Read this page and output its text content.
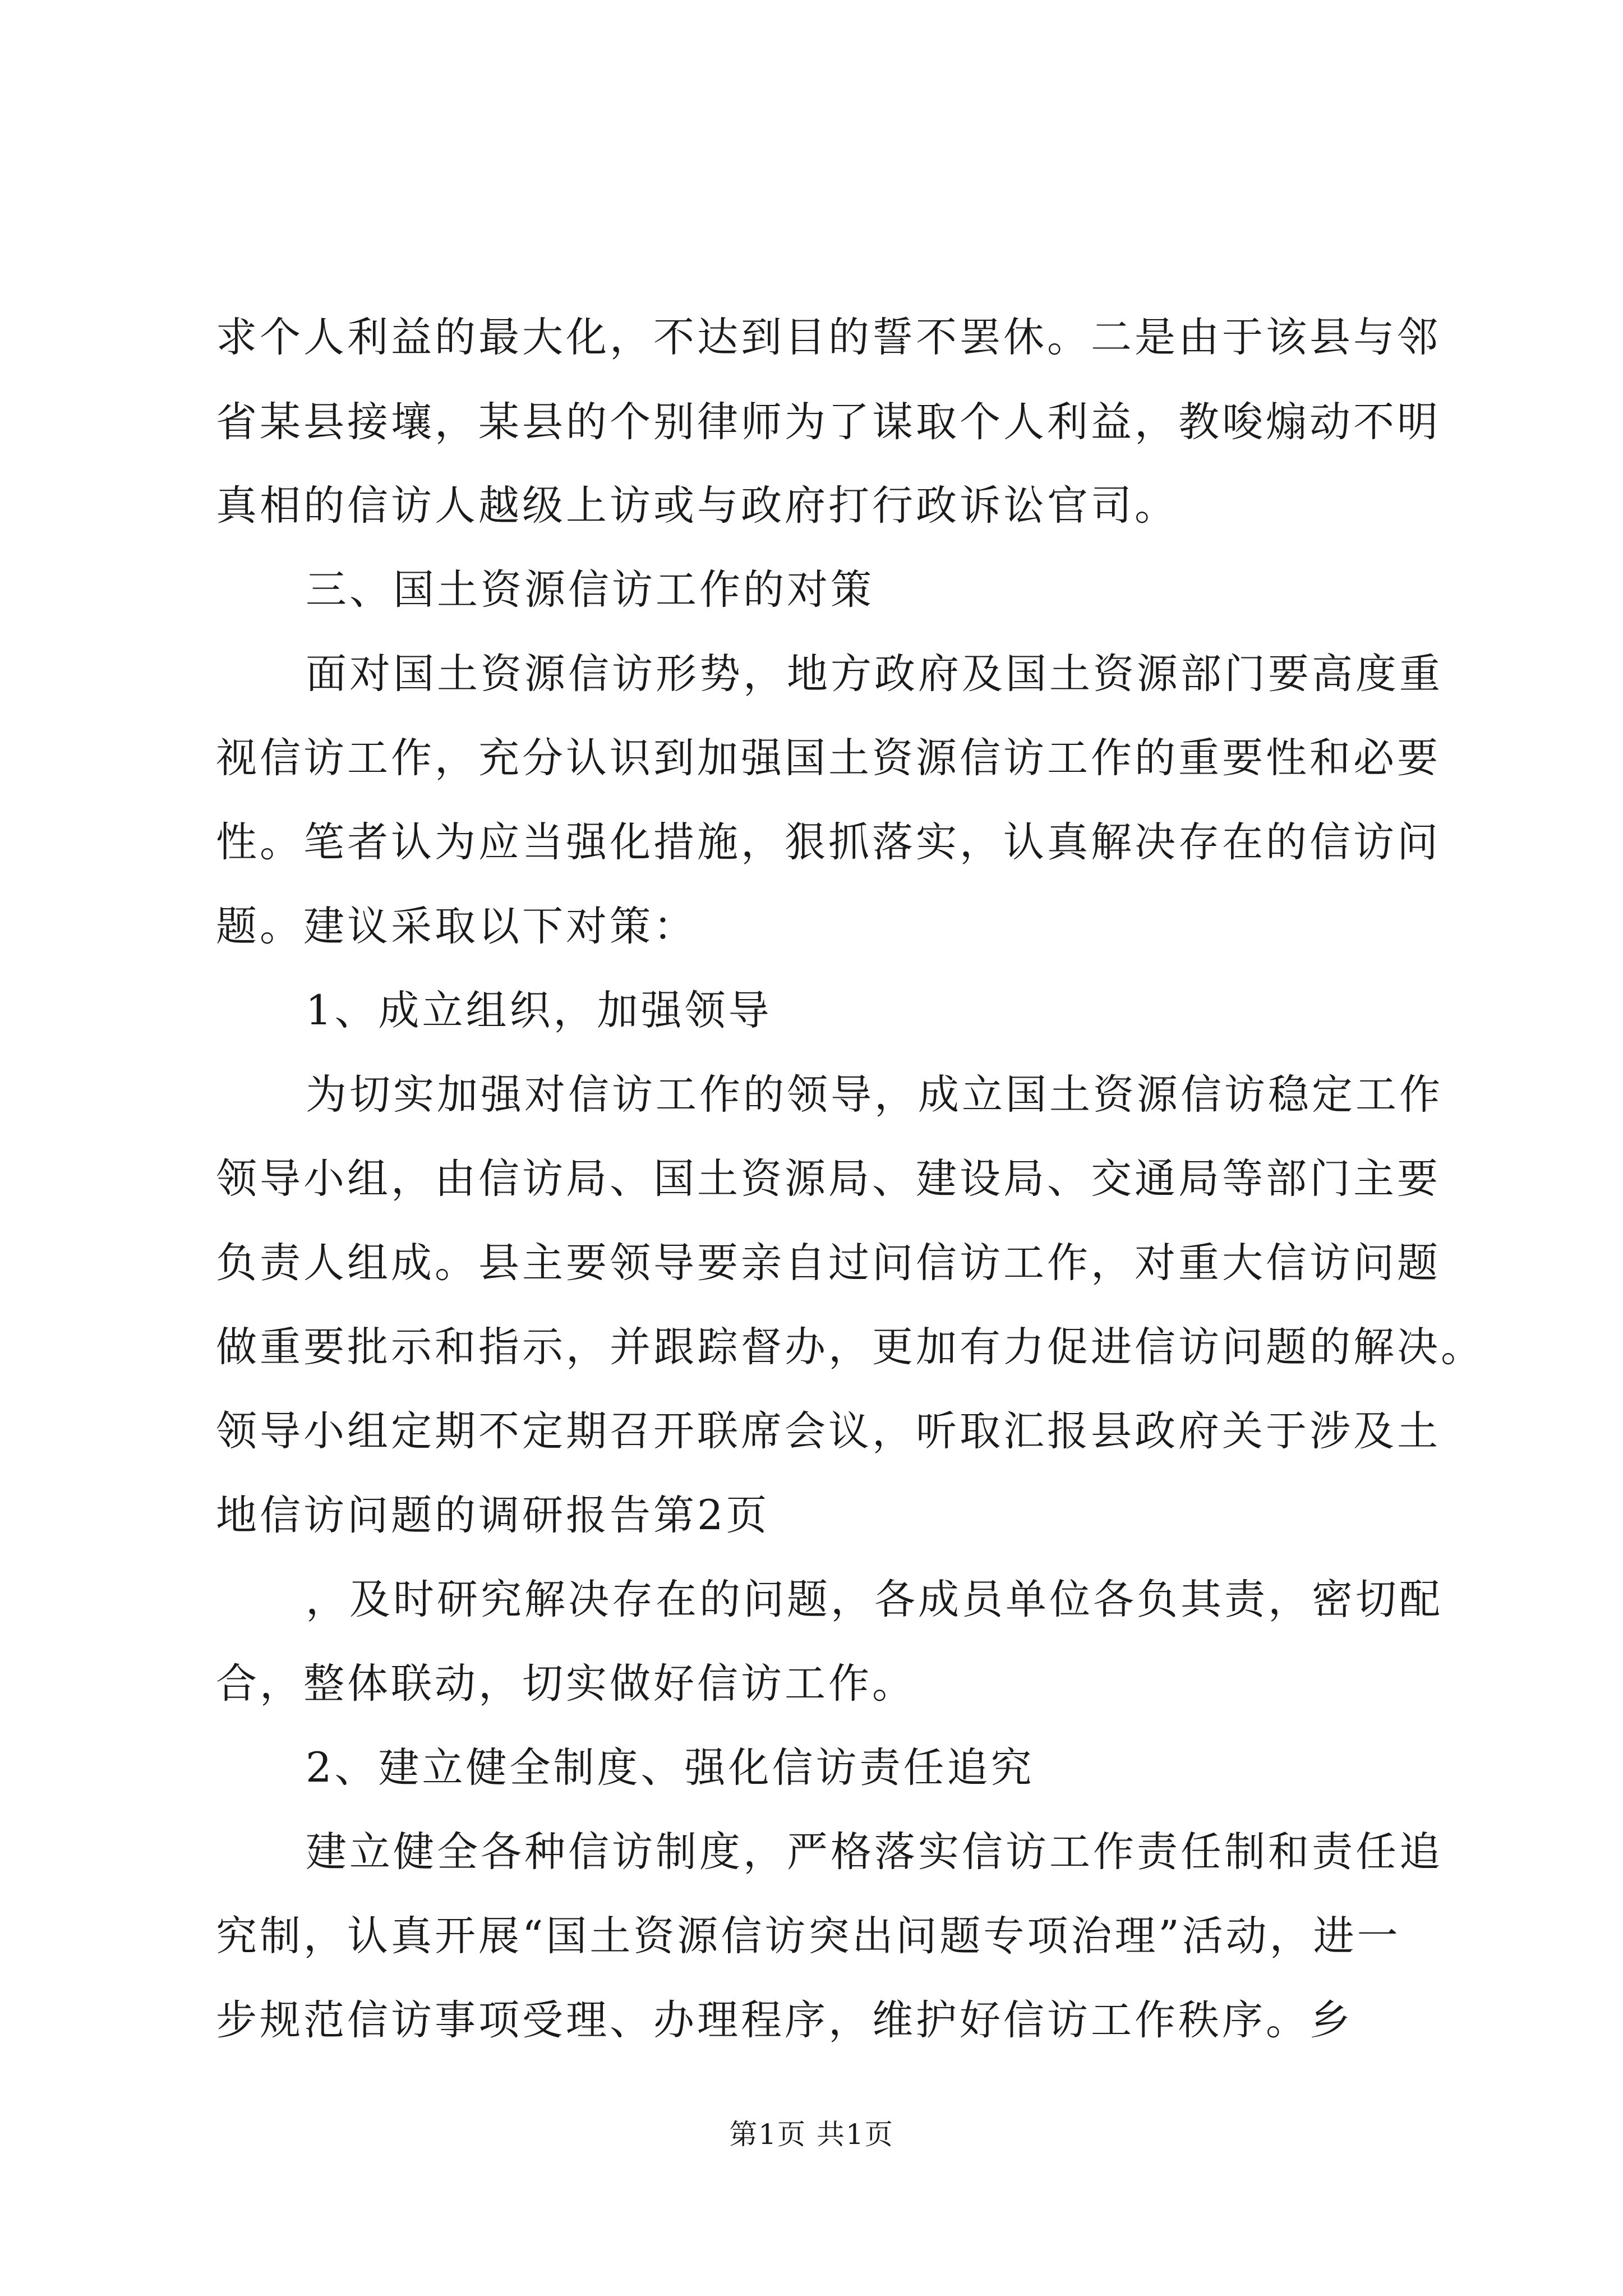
求个人利益的最大化，不达到目的誓不罢休。二是由于该县与邻
省某县接壤，某县的个别律师为了谋取个人利益，教唆煽动不明
真相的信访人越级上访或与政府打行政诉讼官司。
三、国土资源信访工作的对策
面对国土资源信访形势，地方政府及国土资源部门要高度重
视信访工作，充分认识到加强国土资源信访工作的重要性和必要
性。笔者认为应当强化措施，狠抓落实，认真解决存在的信访问
题。建议采取以下对策：
1、成立组织，加强领导
为切实加强对信访工作的领导，成立国土资源信访稳定工作
领导小组，由信访局、国土资源局、建设局、交通局等部门主要
负责人组成。县主要领导要亲自过问信访工作，对重大信访问题
做重要批示和指示，并跟踪督办，更加有力促进信访问题的解决。
领导小组定期不定期召开联席会议，听取汇报县政府关于涉及土
地信访问题的调研报告第2页
，及时研究解决存在的问题，各成员单位各负其责，密切配
合，整体联动，切实做好信访工作。
2、建立健全制度、强化信访责任追究
建立健全各种信访制度，严格落实信访工作责任制和责任追
究制，认真开展“国土资源信访突出问题专项治理”活动，进一
步规范信访事项受理、办理程序，维护好信访工作秩序。乡
第1页 共1页
